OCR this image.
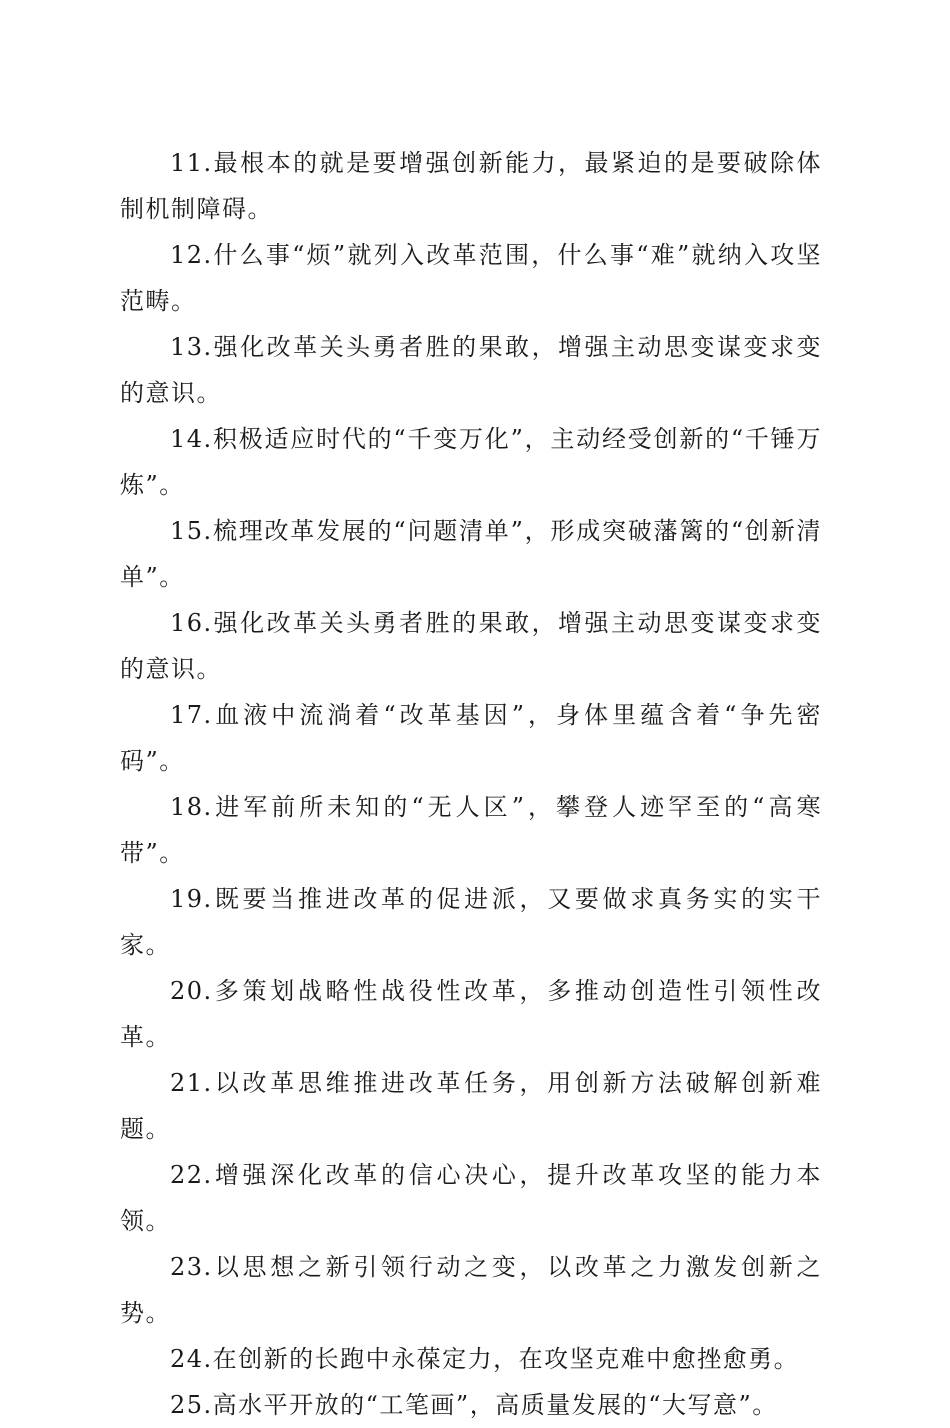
11.最根本的就是要增强创新能力，最紧迫的是要破除体制机制障碍。

12.什么事“烦”就列入改革范围，什么事“难”就纳入攻坚范畴。

13.强化改革关头勇者胜的果敢，增强主动思变谋变求变的意识。

14.积极适应时代的“千变万化”，主动经受创新的“千锤万炼”。

15.梳理改革发展的“问题清单”，形成突破藩篱的“创新清单”。

16.强化改革关头勇者胜的果敢，增强主动思变谋变求变的意识。

17.血液中流淌着“改革基因”，身体里蕴含着“争先密码”。

18.进军前所未知的“无人区”，攀登人迹罕至的“高寒带”。

19.既要当推进改革的促进派，又要做求真务实的实干家。

20.多策划战略性战役性改革，多推动创造性引领性改革。

21.以改革思维推进改革任务，用创新方法破解创新难题。

22.增强深化改革的信心决心，提升改革攻坚的能力本领。

23.以思想之新引领行动之变，以改革之力激发创新之势。

24.在创新的长跑中永葆定力，在攻坚克难中愈挫愈勇。

25.高水平开放的“工笔画”，高质量发展的“大写意”。
